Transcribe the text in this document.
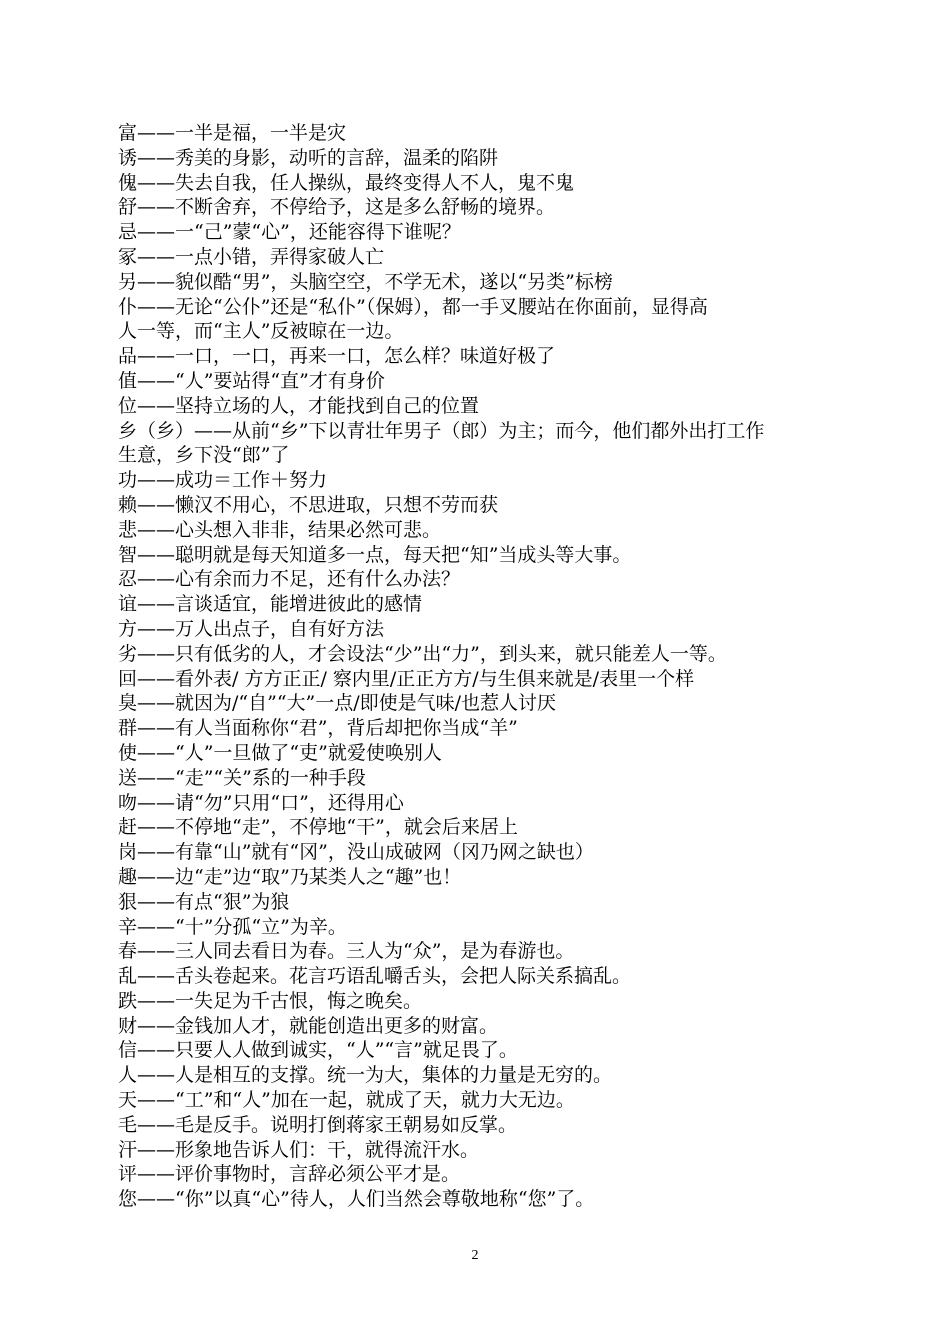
富——一半是福，一半是灾
诱——秀美的身影，动听的言辞，温柔的陷阱
傀——失去自我，任人操纵，最终变得人不人，鬼不鬼
舒——不断舍弃，不停给予，这是多么舒畅的境界。
忌——一“己”蒙“心”，还能容得下谁呢？
冢——一点小错，弄得家破人亡
另——貌似酷“男”，头脑空空，不学无术，遂以“另类”标榜
仆——无论“公仆”还是“私仆”（保姆），都一手叉腰站在你面前，显得高
人一等，而“主人”反被晾在一边。
品——一口，一口，再来一口，怎么样？味道好极了
值——“人”要站得“直”才有身价
位——坚持立场的人，才能找到自己的位置
乡（乡）——从前“乡”下以青壮年男子（郎）为主；而今，他们都外出打工作
生意，乡下没“郎”了
功——成功＝工作＋努力
赖——懒汉不用心，不思进取，只想不劳而获
悲——心头想入非非，结果必然可悲。
智——聪明就是每天知道多一点，每天把“知”当成头等大事。
忍——心有余而力不足，还有什么办法？
谊——言谈适宜，能增进彼此的感情
方——万人出点子，自有好方法
劣——只有低劣的人，才会设法“少”出“力”，到头来，就只能差人一等。
回——看外表/ 方方正正/ 察内里/正正方方/与生俱来就是/表里一个样
臭——就因为/“自”“大”一点/即使是气味/也惹人讨厌
群——有人当面称你“君”，背后却把你当成“羊”
使——“人”一旦做了“吏”就爱使唤别人
送——“走”“关”系的一种手段
吻——请“勿”只用“口”，还得用心
赶——不停地“走”，不停地“干”，就会后来居上
岗——有靠“山”就有“冈”，没山成破网（冈乃网之缺也）
趣——边“走”边“取”乃某类人之“趣”也！
狠——有点“狠”为狼
辛——“十”分孤“立”为辛。
春——三人同去看日为春。三人为“众”，是为春游也。
乱——舌头卷起来。花言巧语乱嚼舌头，会把人际关系搞乱。
跌——一失足为千古恨，悔之晚矣。
财——金钱加人才，就能创造出更多的财富。
信——只要人人做到诚实，“人”“言”就足畏了。
人——人是相互的支撑。统一为大，集体的力量是无穷的。
天——“工”和“人”加在一起，就成了天，就力大无边。
毛——毛是反手。说明打倒蒋家王朝易如反掌。
汗——形象地告诉人们：干，就得流汗水。
评——评价事物时，言辞必须公平才是。
您——“你”以真“心”待人，人们当然会尊敬地称“您”了。
2
